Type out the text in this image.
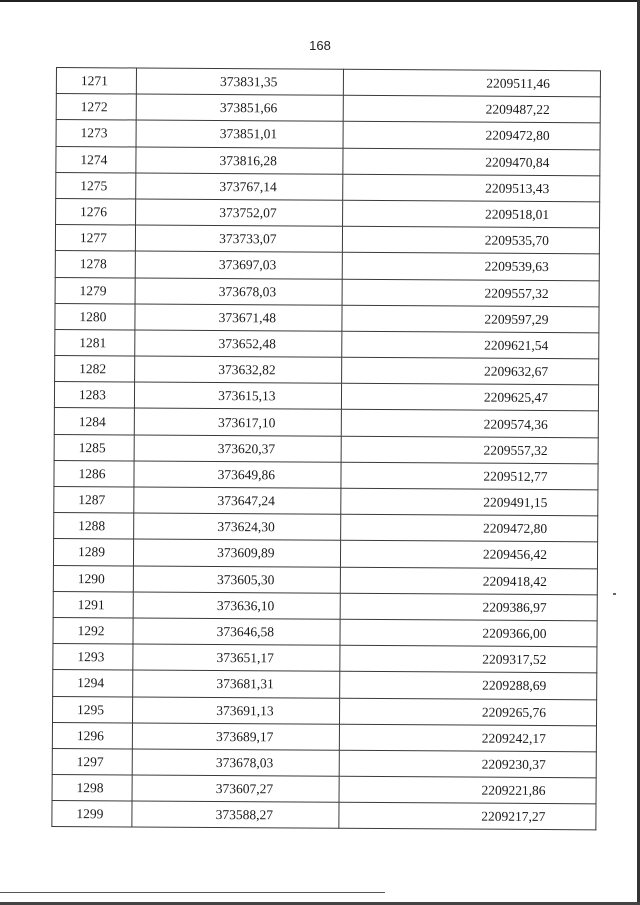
168
1271	373831,35	2209511,46
1272	373851,66	2209487,22
1273	373851,01	2209472,80
1274	373816,28	2209470,84
1275	373767,14	2209513,43
1276	373752,07	2209518,01
1277	373733,07	2209535,70
1278	373697,03	2209539,63
1279	373678,03	2209557,32
1280	373671,48	2209597,29
1281	373652,48	2209621,54
1282	373632,82	2209632,67
1283	373615,13	2209625,47
1284	373617,10	2209574,36
1285	373620,37	2209557,32
1286	373649,86	2209512,77
1287	373647,24	2209491,15
1288	373624,30	2209472,80
1289	373609,89	2209456,42
1290	373605,30	2209418,42
1291	373636,10	2209386,97
1292	373646,58	2209366,00
1293	373651,17	2209317,52
1294	373681,31	2209288,69
1295	373691,13	2209265,76
1296	373689,17	2209242,17
1297	373678,03	2209230,37
1298	373607,27	2209221,86
1299	373588,27	2209217,27
